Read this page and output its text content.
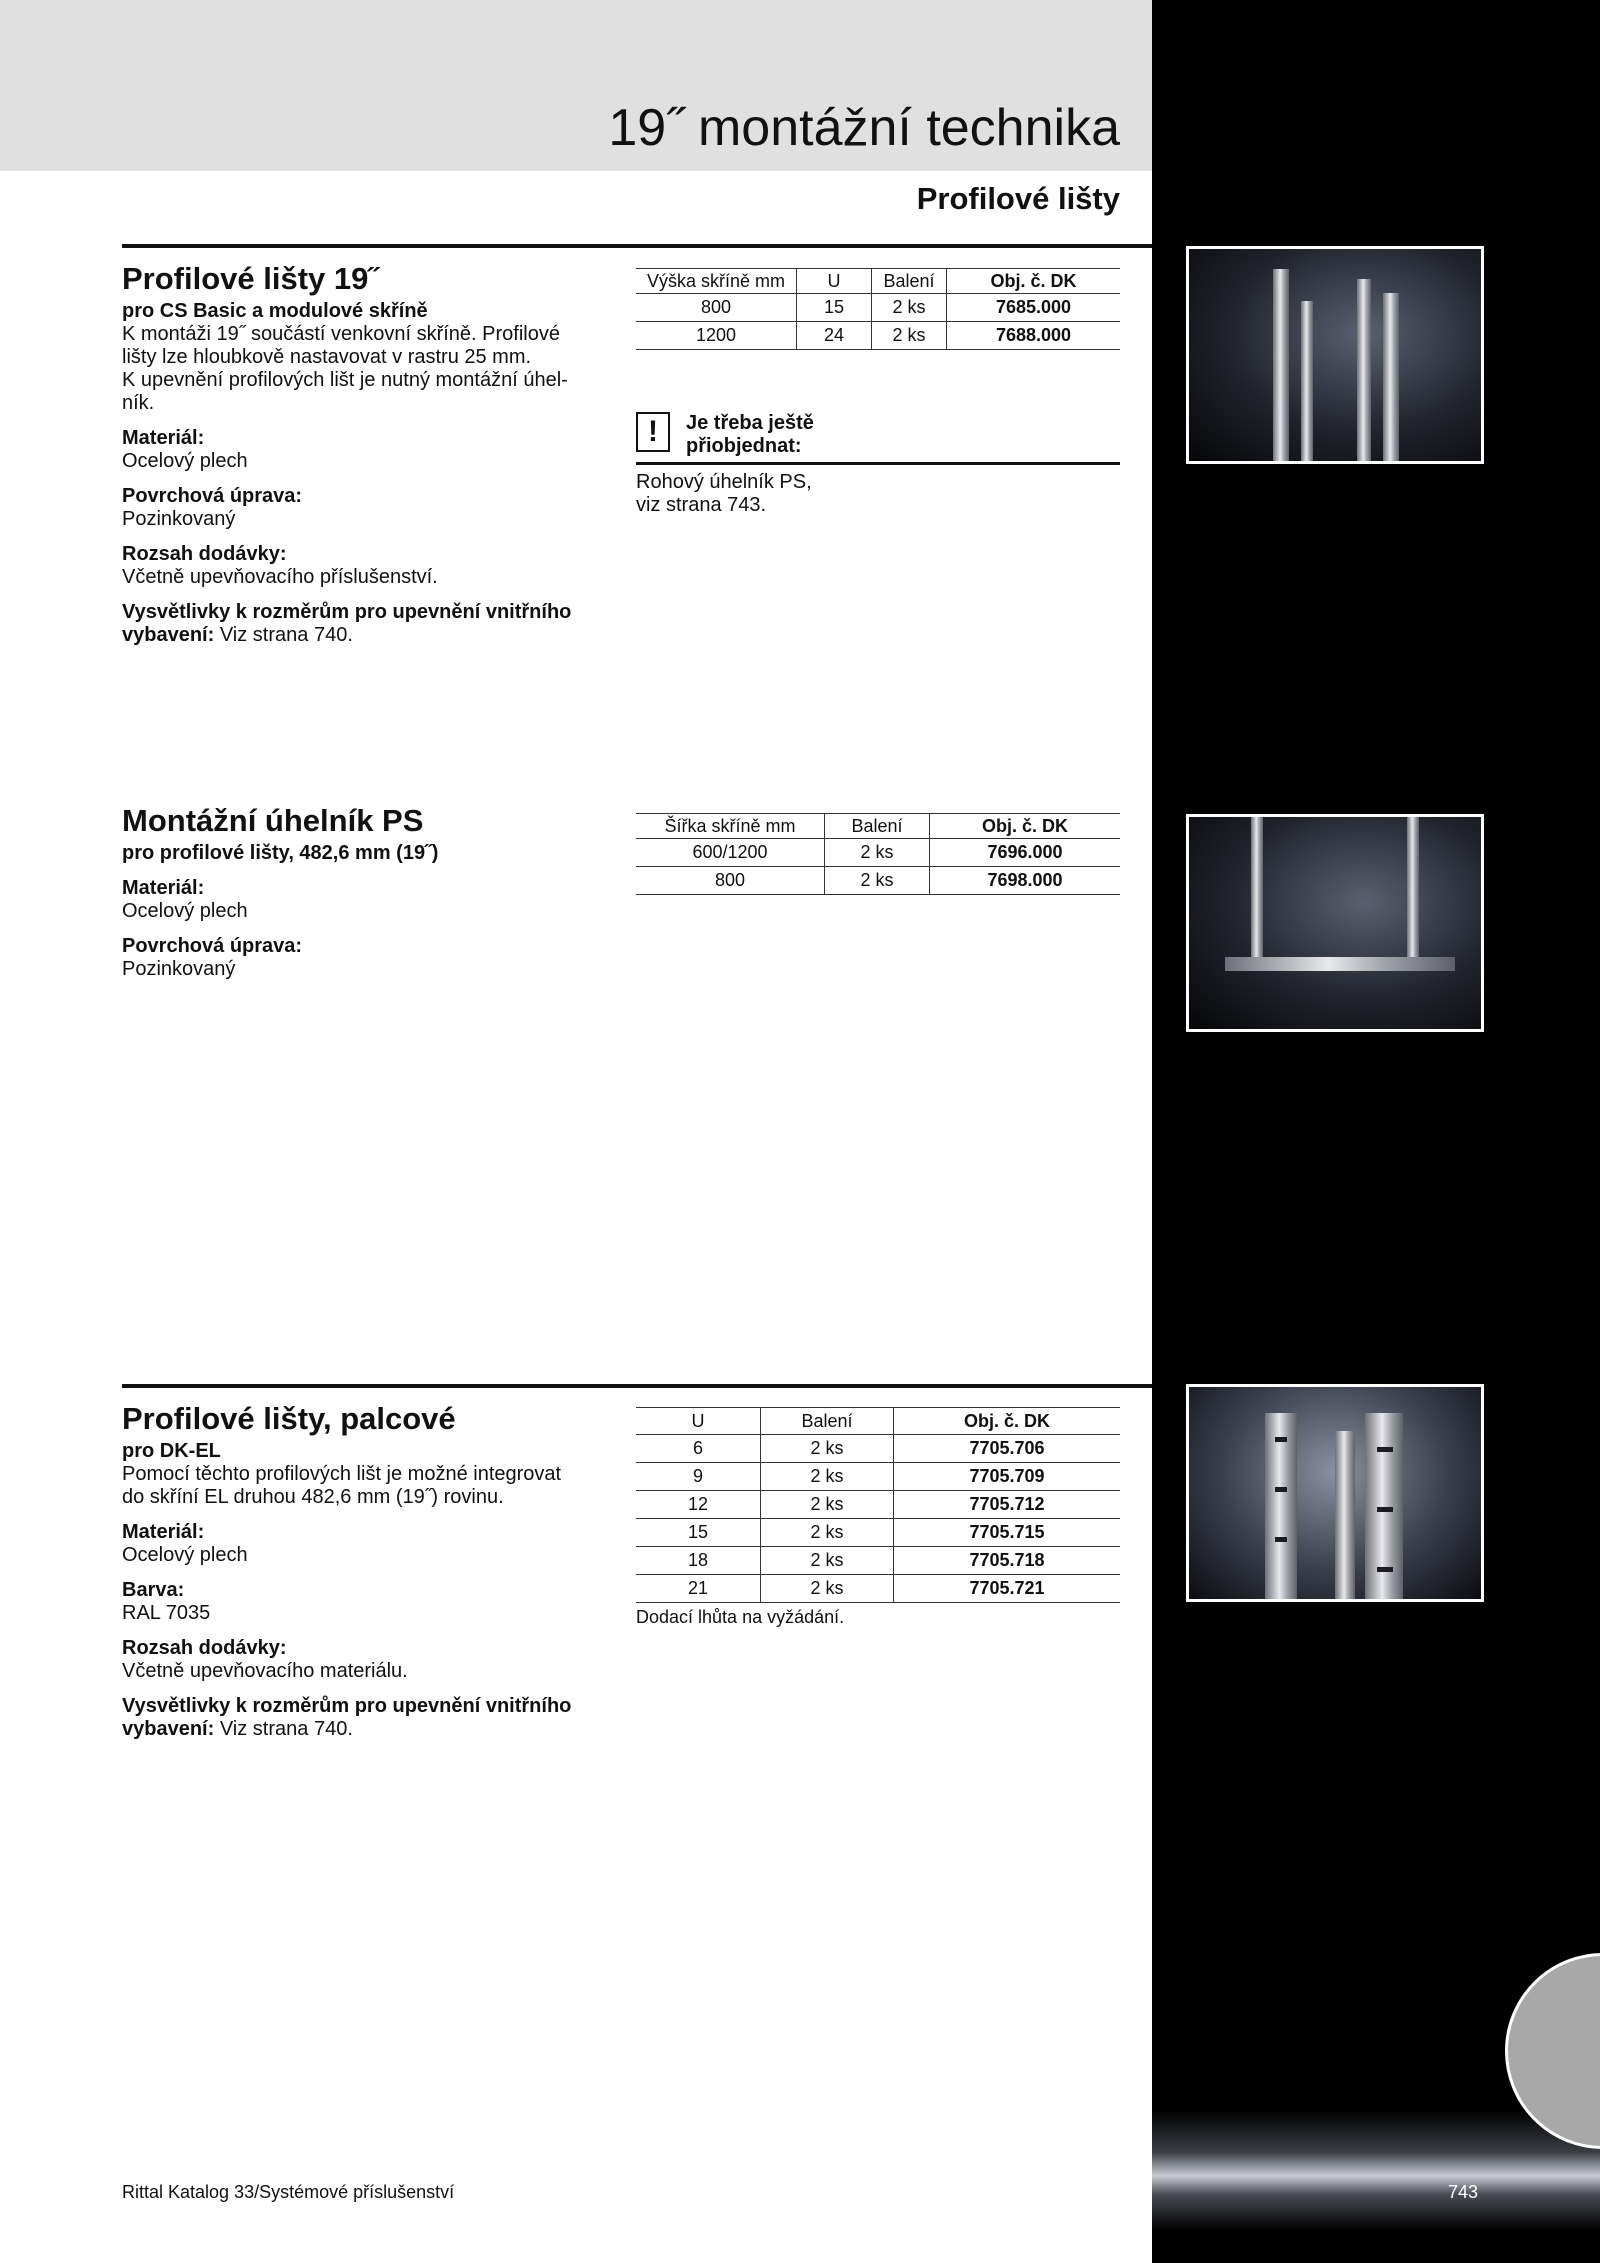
19˝ montážní technika
Profilové lišty
Profilové lišty 19˝
pro CS Basic a modulové skříně
K montáži 19˝ součástí venkovní skříně. Profilové
lišty lze hloubkově nastavovat v rastru 25 mm.
K upevnění profilových lišt je nutný montážní úhel-
ník.
Materiál:
Ocelový plech
Povrchová úprava:
Pozinkovaný
Rozsah dodávky:
Včetně upevňovacího příslušenství.
Vysvětlivky k rozměrům pro upevnění vnitřního
vybavení: Viz strana 740.
Výška skříně mm	U	Balení	Obj. č. DK
800	15	2 ks	7685.000
1200	24	2 ks	7688.000
!	Je třeba ještě
přiobjednat:
Rohový úhelník PS,
viz strana 743.
Montážní úhelník PS
pro profilové lišty, 482,6 mm (19˝)
Materiál:
Ocelový plech
Povrchová úprava:
Pozinkovaný
Šířka skříně mm	Balení	Obj. č. DK
600/1200	2 ks	7696.000
800	2 ks	7698.000
Profilové lišty, palcové
pro DK-EL
Pomocí těchto profilových lišt je možné integrovat
do skříní EL druhou 482,6 mm (19˝) rovinu.
Materiál:
Ocelový plech
Barva:
RAL 7035
Rozsah dodávky:
Včetně upevňovacího materiálu.
Vysvětlivky k rozměrům pro upevnění vnitřního
vybavení: Viz strana 740.
U	Balení	Obj. č. DK
6	2 ks	7705.706
9	2 ks	7705.709
12	2 ks	7705.712
15	2 ks	7705.715
18	2 ks	7705.718
21	2 ks	7705.721
Dodací lhůta na vyžádání.
Rittal Katalog 33/Systémové příslušenství	743
